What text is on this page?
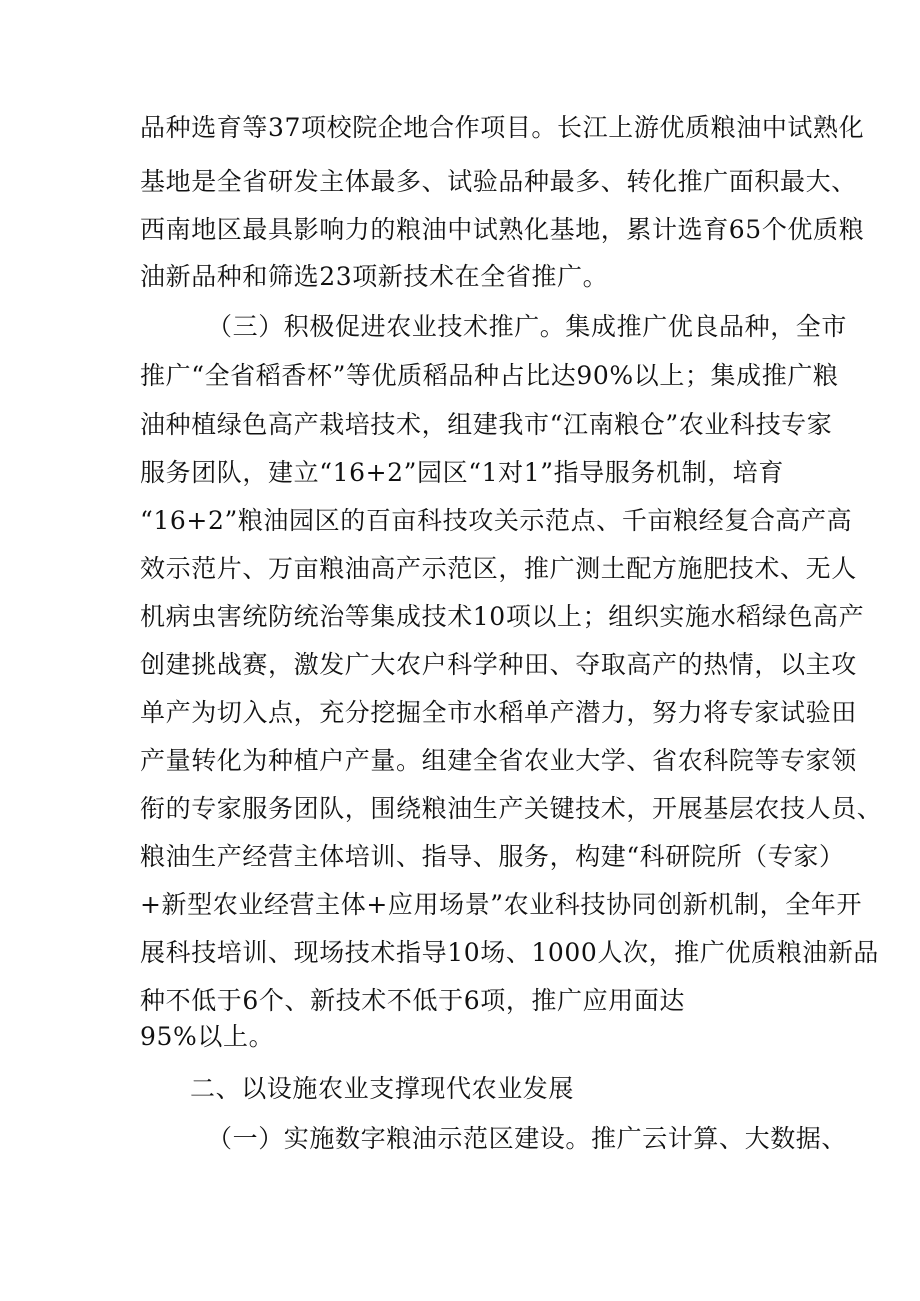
品种选育等37项校院企地合作项目。长江上游优质粮油中试熟化
基地是全省研发主体最多、试验品种最多、转化推广面积最大、
西南地区最具影响力的粮油中试熟化基地，累计选育65个优质粮
油新品种和筛选23项新技术在全省推广。
（三）积极促进农业技术推广。集成推广优良品种，全市
推广“全省稻香杯”等优质稻品种占比达90%以上；集成推广粮
油种植绿色高产栽培技术，组建我市“江南粮仓”农业科技专家
服务团队，建立“16+2”园区“1对1”指导服务机制，培育
“16+2”粮油园区的百亩科技攻关示范点、千亩粮经复合高产高
效示范片、万亩粮油高产示范区，推广测土配方施肥技术、无人
机病虫害统防统治等集成技术10项以上；组织实施水稻绿色高产
创建挑战赛，激发广大农户科学种田、夺取高产的热情，以主攻
单产为切入点，充分挖掘全市水稻单产潜力，努力将专家试验田
产量转化为种植户产量。组建全省农业大学、省农科院等专家领
衔的专家服务团队，围绕粮油生产关键技术，开展基层农技人员、
粮油生产经营主体培训、指导、服务，构建“科研院所（专家）
+新型农业经营主体+应用场景”农业科技协同创新机制，全年开
展科技培训、现场技术指导10场、1000人次，推广优质粮油新品
种不低于6个、新技术不低于6项，推广应用面达
95%以上。
二、以设施农业支撑现代农业发展
（一）实施数字粮油示范区建设。推广云计算、大数据、
